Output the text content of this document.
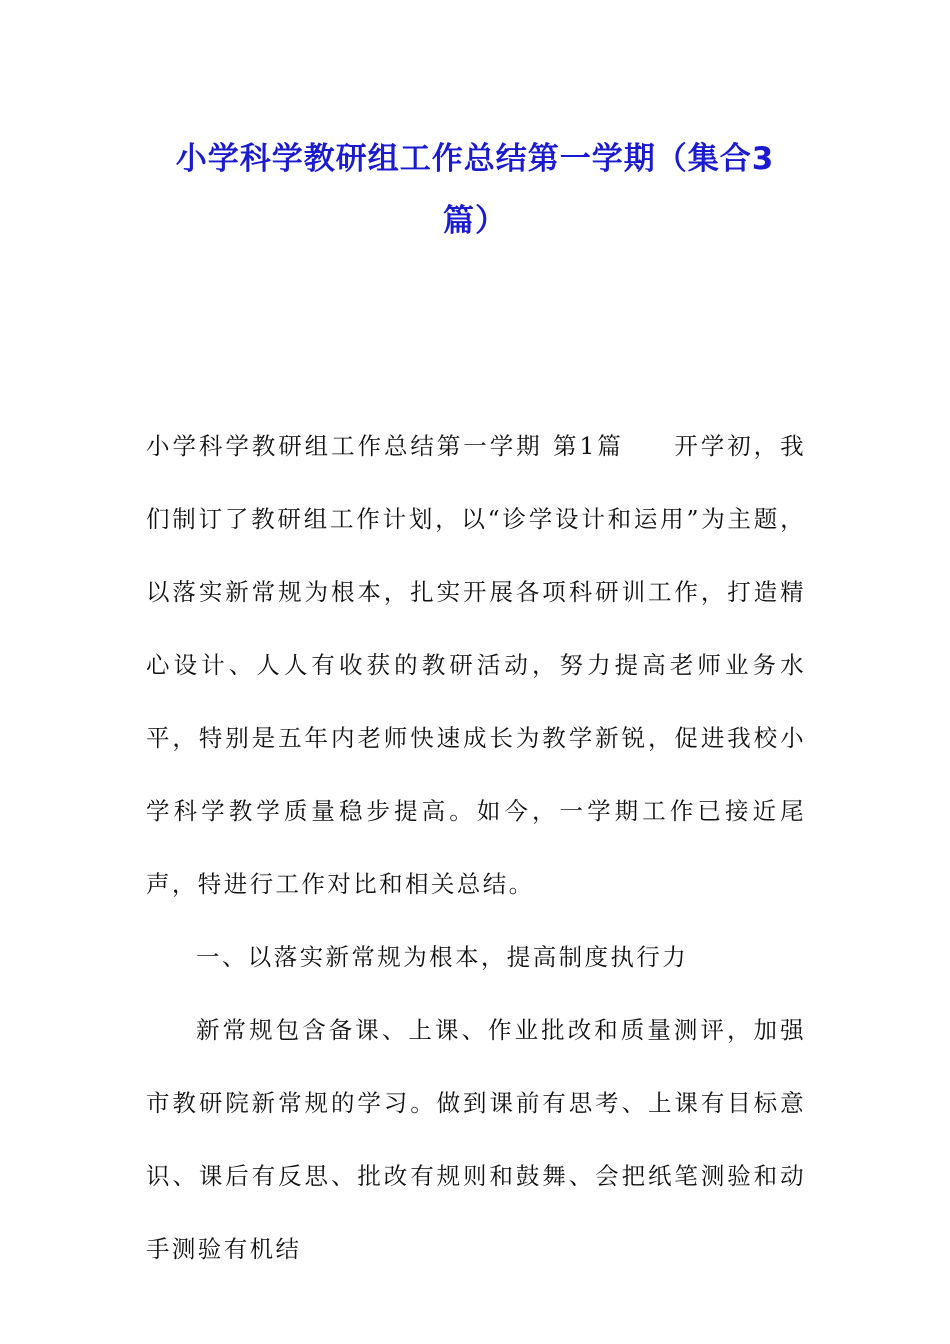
小学科学教研组工作总结第一学期（集合3
篇）

小学科学教研组工作总结第一学期 第1篇 开学初，我们制订了教研组工作计划，以“诊学设计和运用”为主题，以落实新常规为根本，扎实开展各项科研训工作，打造精心设计、人人有收获的教研活动，努力提高老师业务水平，特别是五年内老师快速成长为教学新锐，促进我校小学科学教学质量稳步提高。如今，一学期工作已接近尾声，特进行工作对比和相关总结。

一、以落实新常规为根本，提高制度执行力

新常规包含备课、上课、作业批改和质量测评，加强市教研院新常规的学习。做到课前有思考、上课有目标意识、课后有反思、批改有规则和鼓舞、会把纸笔测验和动手测验有机结
